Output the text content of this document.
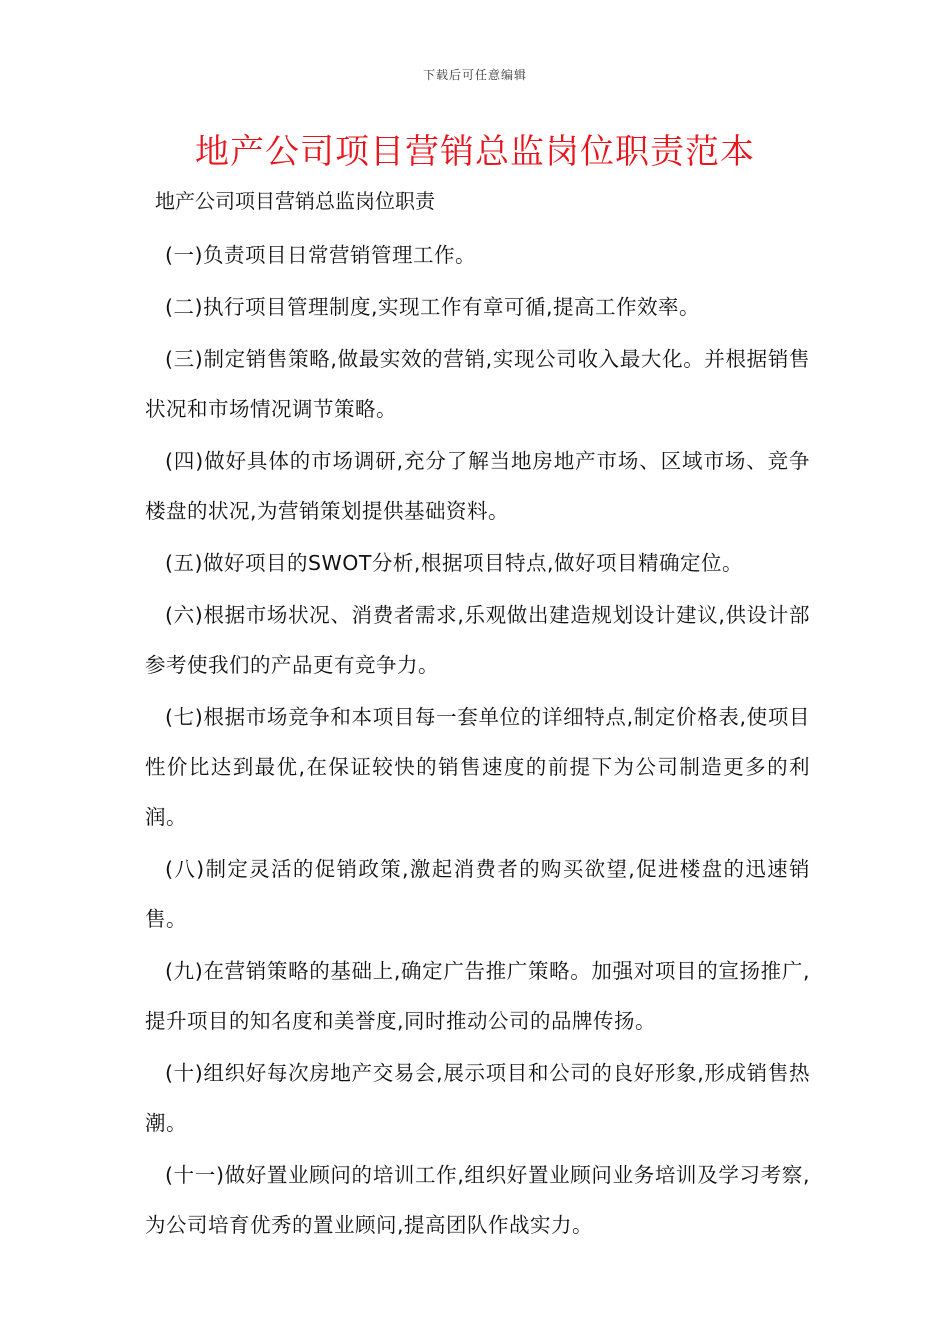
下载后可任意编辑
地产公司项目营销总监岗位职责范本
地产公司项目营销总监岗位职责

(一)负责项目日常营销管理工作。

(二)执行项目管理制度,实现工作有章可循,提高工作效率。

(三)制定销售策略,做最实效的营销,实现公司收入最大化。并根据销售状况和市场情况调节策略。

(四)做好具体的市场调研,充分了解当地房地产市场、区域市场、竞争楼盘的状况,为营销策划提供基础资料。

(五)做好项目的SWOT分析,根据项目特点,做好项目精确定位。

(六)根据市场状况、消费者需求,乐观做出建造规划设计建议,供设计部参考使我们的产品更有竞争力。

(七)根据市场竞争和本项目每一套单位的详细特点,制定价格表,使项目性价比达到最优,在保证较快的销售速度的前提下为公司制造更多的利润。

(八)制定灵活的促销政策,激起消费者的购买欲望,促进楼盘的迅速销售。

(九)在营销策略的基础上,确定广告推广策略。加强对项目的宣扬推广,提升项目的知名度和美誉度,同时推动公司的品牌传扬。

(十)组织好每次房地产交易会,展示项目和公司的良好形象,形成销售热潮。

(十一)做好置业顾问的培训工作,组织好置业顾问业务培训及学习考察,为公司培育优秀的置业顾问,提高团队作战实力。
